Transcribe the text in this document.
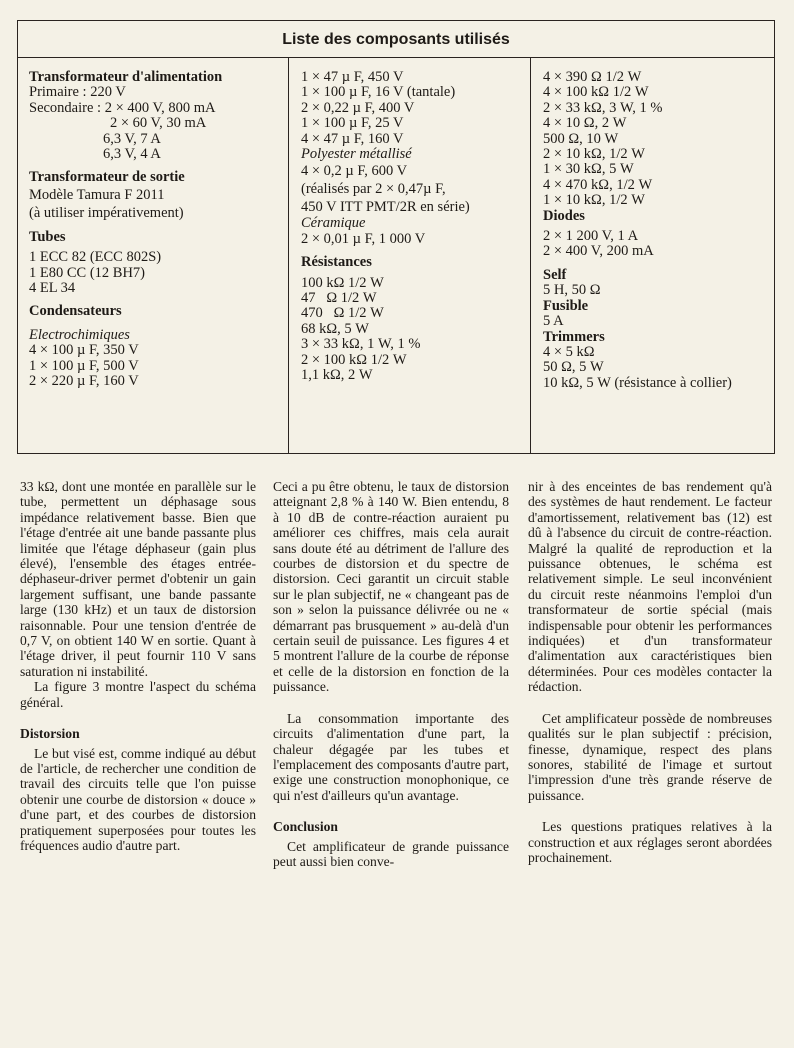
Liste des composants utilisés
Transformateur d'alimentation
Primaire : 220 V
Secondaire : 2 × 400 V, 800 mA
2 × 60 V, 30 mA
6,3 V, 7 A
6,3 V, 4 A
Transformateur de sortie
Modèle Tamura F 2011
(à utiliser impérativement)
Tubes
1 ECC 82 (ECC 802S)
1 E80 CC (12 BH7)
4 EL 34
Condensateurs
Electrochimiques
4 × 100 µ F, 350 V
1 × 100 µ F, 500 V
2 × 220 µ F, 160 V
1 × 47 µ F, 450 V
1 × 100 µ F, 16 V (tantale)
2 × 0,22 µ F, 400 V
1 × 100 µ F, 25 V
4 × 47 µ F, 160 V
Polyester métallisé
4 × 0,2 µ F, 600 V
(réalisés par 2 × 0,47µ F,
450 V ITT PMT/2R en série)
Céramique
2 × 0,01 µ F, 1 000 V
Résistances
100 kΩ 1/2 W
47   Ω 1/2 W
470   Ω 1/2 W
68 kΩ, 5 W
3 × 33 kΩ, 1 W, 1 %
2 × 100 kΩ 1/2 W
1,1 kΩ, 2 W
4 × 390 Ω 1/2 W
4 × 100 kΩ 1/2 W
2 × 33 kΩ, 3 W, 1 %
4 × 10 Ω, 2 W
500 Ω, 10 W
2 × 10 kΩ, 1/2 W
1 × 30 kΩ, 5 W
4 × 470 kΩ, 1/2 W
1 × 10 kΩ, 1/2 W
Diodes
2 × 1 200 V, 1 A
2 × 400 V, 200 mA
Self
5 H, 50 Ω
Fusible
5 A
Trimmers
4 × 5 kΩ
50 Ω, 5 W
10 kΩ, 5 W (résistance à collier)

33 kΩ, dont une montée en parallèle sur le tube, permettent un déphasage sous impédance relativement basse. Bien que l'étage d'entrée ait une bande passante plus limitée que l'étage déphaseur (gain plus élevé), l'ensemble des étages entrée-déphaseur-driver permet d'obtenir un gain largement suffisant, une bande passante large (130 kHz) et un taux de distorsion raisonnable. Pour une tension d'entrée de 0,7 V, on obtient 140 W en sortie. Quant à l'étage driver, il peut fournir 110 V sans saturation ni instabilité.

La figure 3 montre l'aspect du schéma général.

Distorsion

Le but visé est, comme indiqué au début de l'article, de rechercher une condition de travail des circuits telle que l'on puisse obtenir une courbe de distorsion « douce » d'une part, et des courbes de distorsion pratiquement superposées pour toutes les fréquences audio d'autre part.

Ceci a pu être obtenu, le taux de distorsion atteignant 2,8 % à 140 W. Bien entendu, 8 à 10 dB de contre-réaction auraient pu améliorer ces chiffres, mais cela aurait sans doute été au détriment de l'allure des courbes de distorsion et du spectre de distorsion. Ceci garantit un circuit stable sur le plan subjectif, ne « changeant pas de son » selon la puissance délivrée ou ne « démarrant pas brusquement » au-delà d'un certain seuil de puissance. Les figures 4 et 5 montrent l'allure de la courbe de réponse et celle de la distorsion en fonction de la puissance.

La consommation importante des circuits d'alimentation d'une part, la chaleur dégagée par les tubes et l'emplacement des composants d'autre part, exige une construction monophonique, ce qui n'est d'ailleurs qu'un avantage.

Conclusion

Cet amplificateur de grande puissance peut aussi bien conve-

nir à des enceintes de bas rendement qu'à des systèmes de haut rendement. Le facteur d'amortissement, relativement bas (12) est dû à l'absence du circuit de contre-réaction. Malgré la qualité de reproduction et la puissance obtenues, le schéma est relativement simple. Le seul inconvénient du circuit reste néanmoins l'emploi d'un transformateur de sortie spécial (mais indispensable pour obtenir les performances indiquées) et d'un transformateur d'alimentation aux caractéristiques bien déterminées. Pour ces modèles contacter la rédaction.

Cet amplificateur possède de nombreuses qualités sur le plan subjectif : précision, finesse, dynamique, respect des plans sonores, stabilité de l'image et surtout l'impression d'une très grande réserve de puissance.

Les questions pratiques relatives à la construction et aux réglages seront abordées prochainement.
